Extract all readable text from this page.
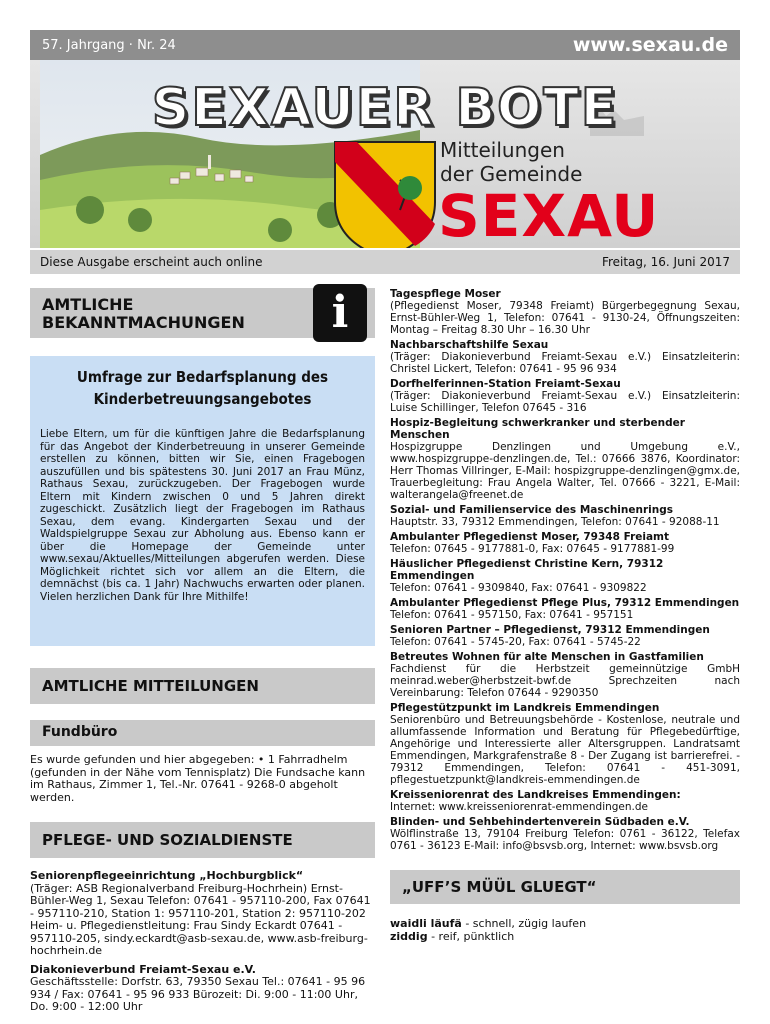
57. Jahrgang · Nr. 24	www.sexau.de
SEXAUER BOTE
Mitteilungen
der Gemeinde
SEXAU
Diese Ausgabe erscheint auch online	Freitag, 16. Juni 2017
AMTLICHE
BEKANNTMACHUNGEN	i
Umfrage zur Bedarfsplanung des Kinderbetreuungsangebotes

Liebe Eltern, um für die künftigen Jahre die Bedarfsplanung für das Angebot der Kinderbetreuung in unserer Gemeinde erstellen zu können, bitten wir Sie, einen Fragebogen auszufüllen und bis spätestens 30. Juni 2017 an Frau Münz, Rathaus Sexau, zurückzugeben. Der Fragebogen wurde Eltern mit Kindern zwischen 0 und 5 Jahren direkt zugeschickt. Zusätzlich liegt der Fragebogen im Rathaus Sexau, dem evang. Kindergarten Sexau und der Waldspielgruppe Sexau zur Abholung aus. Ebenso kann er über die Homepage der Gemeinde unter www.sexau/Aktuelles/Mitteilungen abgerufen werden. Diese Möglichkeit richtet sich vor allem an die Eltern, die demnächst (bis ca. 1 Jahr) Nachwuchs erwarten oder planen. Vielen herzlichen Dank für Ihre Mithilfe!

AMTLICHE MITTEILUNGEN
Fundbüro
Es wurde gefunden und hier abgegeben: • 1 Fahrradhelm (gefunden in der Nähe vom Tennisplatz) Die Fundsache kann im Rathaus, Zimmer 1, Tel.-Nr. 07641 - 9268-0 abgeholt werden.
PFLEGE- UND SOZIALDIENSTE
Seniorenpflegeeinrichtung „Hochburgblick“
(Träger: ASB Regionalverband Freiburg-Hochrhein) Ernst-Bühler-Weg 1, Sexau Telefon: 07641 - 957110-200, Fax 07641 - 957110-210, Station 1: 957110-201, Station 2: 957110-202 Heim- u. Pflegedienstleitung: Frau Sindy Eckardt 07641 - 957110-205, sindy.eckardt@asb-sexau.de, www.asb-freiburg-hochrhein.de
Diakonieverbund Freiamt-Sexau e.V.
Geschäftsstelle: Dorfstr. 63, 79350 Sexau Tel.: 07641 - 95 96 934 / Fax: 07641 - 95 96 933 Bürozeit: Di. 9:00 - 11:00 Uhr, Do. 9:00 - 12:00 Uhr
Tagespflege Moser
(Pflegedienst Moser, 79348 Freiamt) Bürgerbegegnung Sexau, Ernst-Bühler-Weg 1, Telefon: 07641 - 9130-24, Öffnungszeiten: Montag – Freitag 8.30 Uhr – 16.30 Uhr
Nachbarschaftshilfe Sexau
(Träger: Diakonieverbund Freiamt-Sexau e.V.) Einsatzleiterin: Christel Lickert, Telefon: 07641 - 95 96 934
Dorfhelferinnen-Station Freiamt-Sexau
(Träger: Diakonieverbund Freiamt-Sexau e.V.) Einsatzleiterin: Luise Schillinger, Telefon 07645 - 316
Hospiz-Begleitung schwerkranker und sterbender Menschen
Hospizgruppe Denzlingen und Umgebung e.V., www.hospizgruppe-denzlingen.de, Tel.: 07666 3876, Koordinator: Herr Thomas Villringer, E-Mail: hospizgruppe-denzlingen@gmx.de, Trauerbegleitung: Frau Angela Walter, Tel. 07666 - 3221, E-Mail: walterangela@freenet.de
Sozial- und Familienservice des Maschinenrings
Hauptstr. 33, 79312 Emmendingen, Telefon: 07641 - 92088-11
Ambulanter Pflegedienst Moser, 79348 Freiamt
Telefon: 07645 - 9177881-0, Fax: 07645 - 9177881-99
Häuslicher Pflegedienst Christine Kern, 79312 Emmendingen
Telefon: 07641 - 9309840, Fax: 07641 - 9309822
Ambulanter Pflegedienst Pflege Plus, 79312 Emmendingen
Telefon: 07641 - 957150, Fax: 07641 - 957151
Senioren Partner – Pflegedienst, 79312 Emmendingen
Telefon: 07641 - 5745-20, Fax: 07641 - 5745-22
Betreutes Wohnen für alte Menschen in Gastfamilien
Fachdienst für die Herbstzeit gemeinnützige GmbH meinrad.weber@herbstzeit-bwf.de Sprechzeiten nach Vereinbarung: Telefon 07644 - 9290350
Pflegestützpunkt im Landkreis Emmendingen
Seniorenbüro und Betreuungsbehörde - Kostenlose, neutrale und allumfassende Information und Beratung für Pflegebedürftige, Angehörige und Interessierte aller Altersgruppen. Landratsamt Emmendingen, Markgrafenstraße 8 - Der Zugang ist barrierefrei. - 79312 Emmendingen, Telefon: 07641 - 451-3091, pflegestuetzpunkt@landkreis-emmendingen.de
Kreisseniorenrat des Landkreises Emmendingen:
Internet: www.kreisseniorenrat-emmendingen.de
Blinden- und Sehbehindertenverein Südbaden e.V.
Wölflinstraße 13, 79104 Freiburg Telefon: 0761 - 36122, Telefax 0761 - 36123 E-Mail: info@bsvsb.org, Internet: www.bsvsb.org
„UFF’S MÜÜL GLUEGT“
waidli läufä - schnell, zügig laufen
ziddig - reif, pünktlich
